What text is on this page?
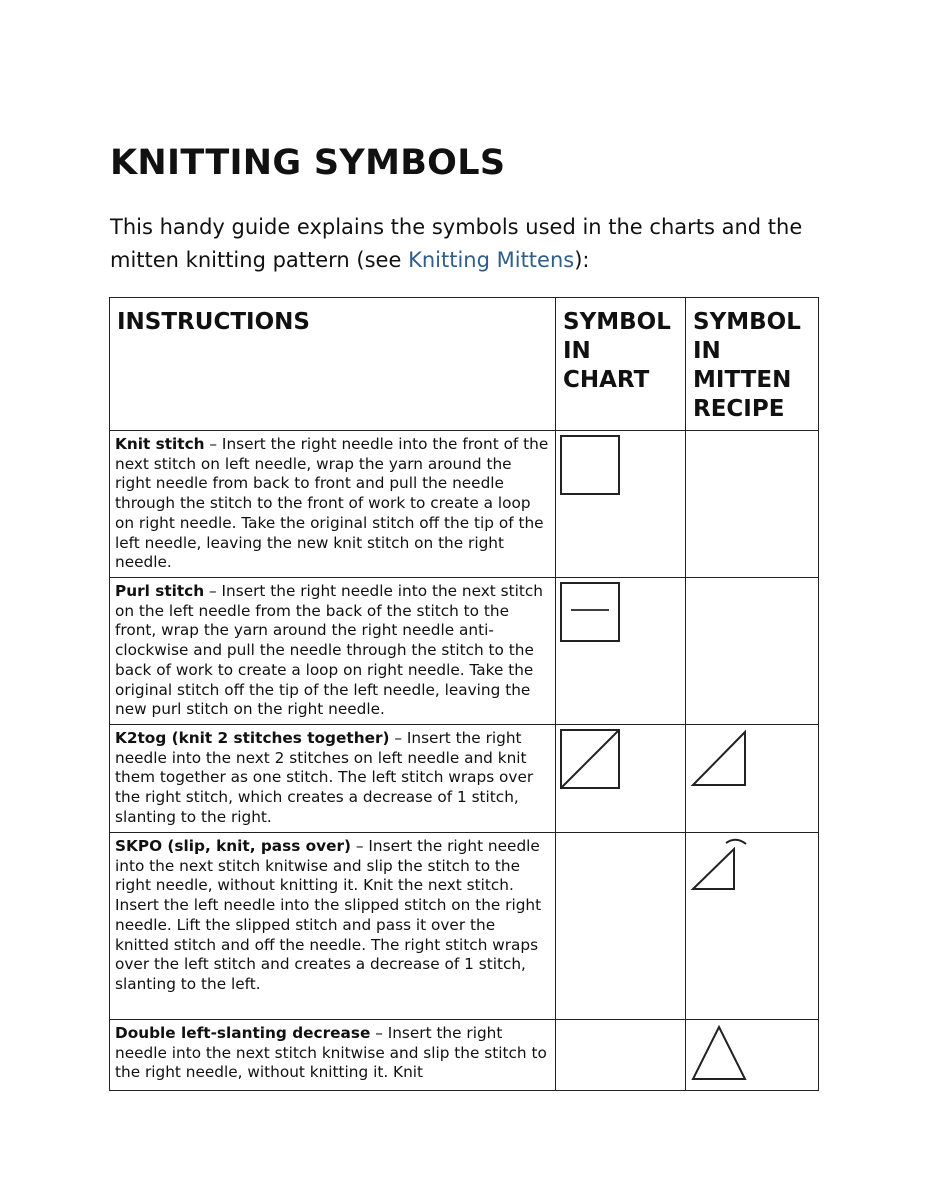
KNITTING SYMBOLS

This handy guide explains the symbols used in the charts and the mitten knitting pattern (see Knitting Mittens):

INSTRUCTIONS	SYMBOL IN CHART	SYMBOL IN MITTEN RECIPE
Knit stitch – Insert the right needle into the front of the next stitch on left needle, wrap the yarn around the right needle from back to front and pull the needle through the stitch to the front of work to create a loop on right needle. Take the original stitch off the tip of the left needle, leaving the new knit stitch on the right needle.	

Purl stitch – Insert the right needle into the next stitch on the left needle from the back of the stitch to the front, wrap the yarn around the right needle anti-clockwise and pull the needle through the stitch to the back of work to create a loop on right needle. Take the original stitch off the tip of the left needle, leaving the new purl stitch on the right needle.	

K2tog (knit 2 stitches together) – Insert the right needle into the next 2 stitches on left needle and knit them together as one stitch. The left stitch wraps over the right stitch, which creates a decrease of 1 stitch, slanting to the right.	

SKPO (slip, knit, pass over) – Insert the right needle into the next stitch knitwise and slip the stitch to the right needle, without knitting it. Knit the next stitch. Insert the left needle into the slipped stitch on the right needle. Lift the slipped stitch and pass it over the knitted stitch and off the needle. The right stitch wraps over the left stitch and creates a decrease of 1 stitch, slanting to the left.		

Double left-slanting decrease – Insert the right needle into the next stitch knitwise and slip the stitch to the right needle, without knitting it. Knit		
